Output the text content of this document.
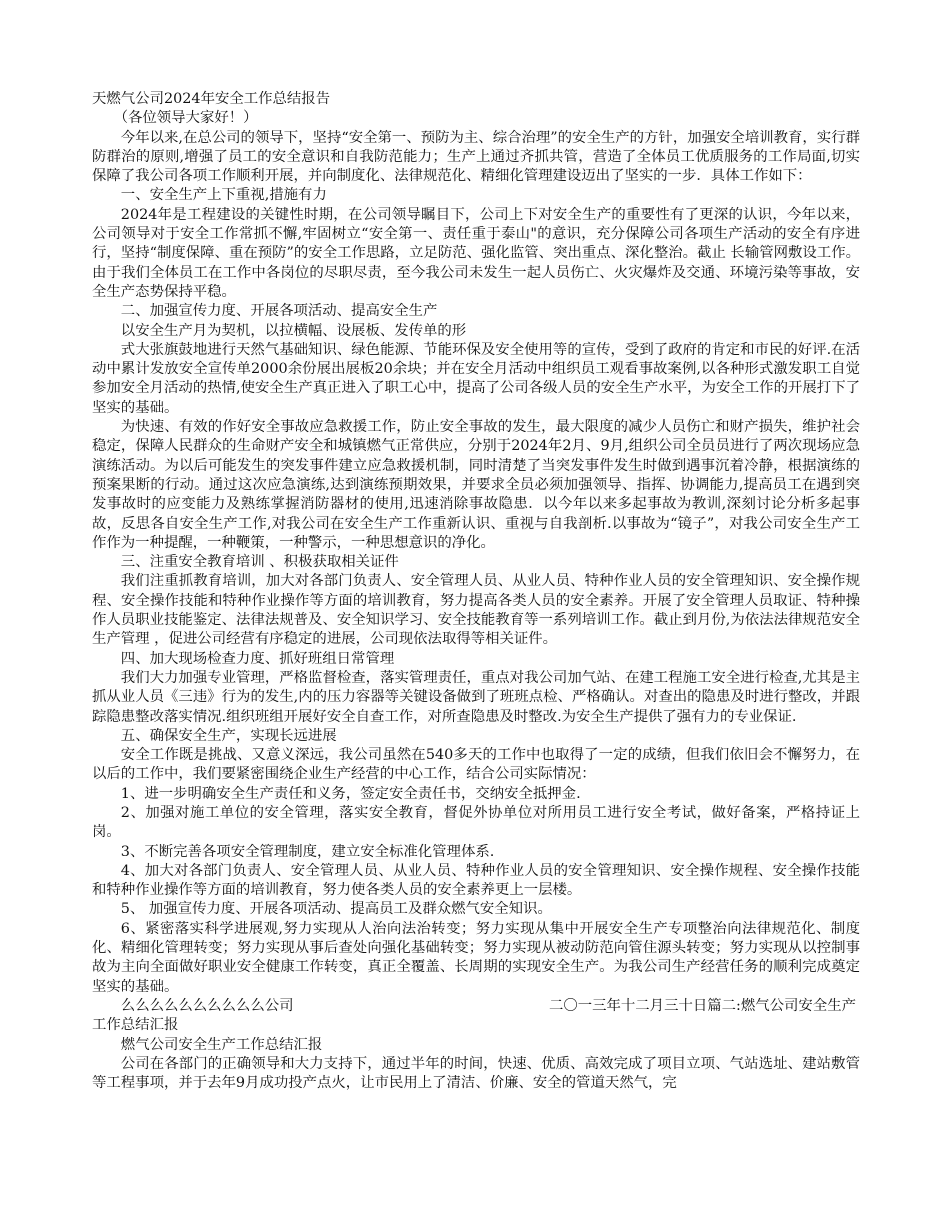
天燃气公司2024年安全工作总结报告

（各位领导大家好！）

今年以来,在总公司的领导下，坚持“安全第一、预防为主、综合治理”的安全生产的方针，加强安全培训教育，实行群防群治的原则,增强了员工的安全意识和自我防范能力；生产上通过齐抓共管，营造了全体员工优质服务的工作局面,切实保障了我公司各项工作顺利开展，并向制度化、法律规范化、精细化管理建设迈出了坚实的一步．具体工作如下：

一、安全生产上下重视,措施有力

2024年是工程建设的关键性时期，在公司领导瞩目下，公司上下对安全生产的重要性有了更深的认识，今年以来，公司领导对于安全工作常抓不懈,牢固树立“安全第一、责任重于泰山"的意识，充分保障公司各项生产活动的安全有序进行，坚持“制度保障、重在预防”的安全工作思路，立足防范、强化监管、突出重点、深化整治。截止 长输管网敷设工作。由于我们全体员工在工作中各岗位的尽职尽责，至今我公司未发生一起人员伤亡、火灾爆炸及交通、环境污染等事故，安全生产态势保持平稳。

二、加强宣传力度、开展各项活动、提高安全生产

以安全生产月为契机，以拉横幅、设展板、发传单的形

式大张旗鼓地进行天然气基础知识、绿色能源、节能环保及安全使用等的宣传，受到了政府的肯定和市民的好评.在活动中累计发放安全宣传单2000余份展出展板20余块；并在安全月活动中组织员工观看事故案例,以各种形式激发职工自觉参加安全月活动的热情,使安全生产真正进入了职工心中，提高了公司各级人员的安全生产水平，为安全工作的开展打下了坚实的基础。

为快速、有效的作好安全事故应急救援工作，防止安全事故的发生，最大限度的减少人员伤亡和财产损失，维护社会稳定，保障人民群众的生命财产安全和城镇燃气正常供应，分别于2024年2月、9月,组织公司全员员进行了两次现场应急演练活动。为以后可能发生的突发事件建立应急救援机制，同时清楚了当突发事件发生时做到遇事沉着冷静，根据演练的预案果断的行动。通过这次应急演练,达到演练预期效果，并要求全员必须加强领导、指挥、协调能力,提高员工在遇到突发事故时的应变能力及熟练掌握消防器材的使用,迅速消除事故隐患．以今年以来多起事故为教训,深刻讨论分析多起事故，反思各自安全生产工作,对我公司在安全生产工作重新认识、重视与自我剖析.以事故为“镜子”，对我公司安全生产工作作为一种提醒，一种鞭策，一种警示，一种思想意识的净化。

三、注重安全教育培训 、积极获取相关证件

我们注重抓教育培训，加大对各部门负责人、安全管理人员、从业人员、特种作业人员的安全管理知识、安全操作规程、安全操作技能和特种作业操作等方面的培训教育，努力提高各类人员的安全素养。开展了安全管理人员取证、特种操作人员职业技能鉴定、法律法规普及、安全知识学习、安全技能教育等一系列培训工作。截止到月份,为依法法律规范安全生产管理 ，促进公司经营有序稳定的进展，公司现依法取得等相关证件。

四、加大现场检查力度、抓好班组日常管理

我们大力加强专业管理，严格监督检查，落实管理责任，重点对我公司加气站、在建工程施工安全进行检查,尤其是主抓从业人员《三违》行为的发生,内的压力容器等关键设备做到了班班点检、严格确认。对查出的隐患及时进行整改，并跟踪隐患整改落实情况.组织班组开展好安全自查工作，对所查隐患及时整改.为安全生产提供了强有力的专业保证.

五、确保安全生产，实现长远进展

安全工作既是挑战、又意义深远，我公司虽然在540多天的工作中也取得了一定的成绩，但我们依旧会不懈努力，在以后的工作中，我们要紧密围绕企业生产经营的中心工作，结合公司实际情况：

1、进一步明确安全生产责任和义务，签定安全责任书，交纳安全抵押金.

2、加强对施工单位的安全管理，落实安全教育，督促外协单位对所用员工进行安全考试，做好备案，严格持证上岗。

3、不断完善各项安全管理制度，建立安全标准化管理体系.

4、加大对各部门负责人、安全管理人员、从业人员、特种作业人员的安全管理知识、安全操作规程、安全操作技能和特种作业操作等方面的培训教育，努力使各类人员的安全素养更上一层楼。

5、 加强宣传力度、开展各项活动、提高员工及群众燃气安全知识。

6、紧密落实科学进展观,努力实现从人治向法治转变；努力实现从集中开展安全生产专项整治向法律规范化、制度化、精细化管理转变；努力实现从事后查处向强化基础转变；努力实现从被动防范向管住源头转变；努力实现从以控制事故为主向全面做好职业安全健康工作转变，真正全覆盖、长周期的实现安全生产。为我公司生产经营任务的顺利完成奠定坚实的基础。

么么么么么么么么么么公司	二〇一三年十二月三十日篇二:燃气公司安全生产

工作总结汇报

燃气公司安全生产工作总结汇报

公司在各部门的正确领导和大力支持下，通过半年的时间，快速、优质、高效完成了项目立项、气站选址、建站敷管等工程事项，并于去年9月成功投产点火，让市民用上了清洁、价廉、安全的管道天然气，完
